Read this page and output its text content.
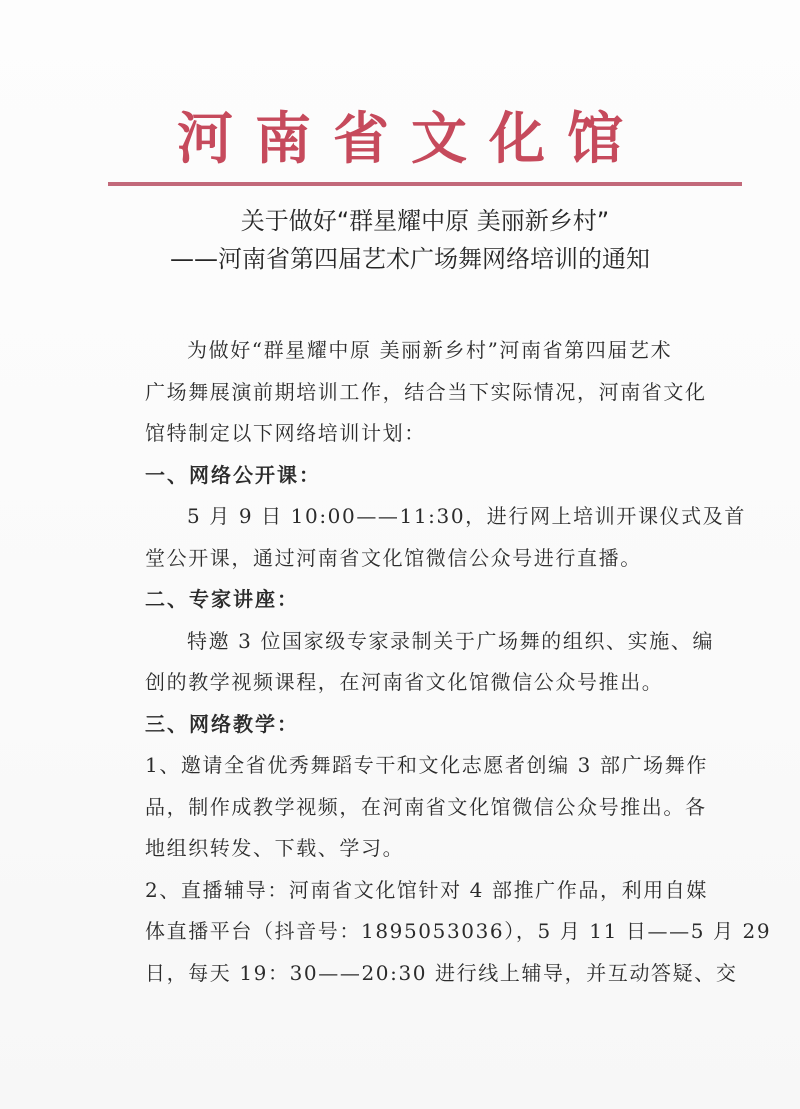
河南省文化馆
关于做好“群星耀中原 美丽新乡村”
——河南省第四届艺术广场舞网络培训的通知
为做好“群星耀中原 美丽新乡村”河南省第四届艺术
广场舞展演前期培训工作，结合当下实际情况，河南省文化
馆特制定以下网络培训计划：
一、网络公开课：
5 月 9 日 10:00——11:30，进行网上培训开课仪式及首
堂公开课，通过河南省文化馆微信公众号进行直播。
二、专家讲座：
特邀 3 位国家级专家录制关于广场舞的组织、实施、编
创的教学视频课程，在河南省文化馆微信公众号推出。
三、网络教学：
1、邀请全省优秀舞蹈专干和文化志愿者创编 3 部广场舞作
品，制作成教学视频，在河南省文化馆微信公众号推出。各
地组织转发、下载、学习。
2、直播辅导：河南省文化馆针对 4 部推广作品，利用自媒
体直播平台（抖音号：1895053036），5 月 11 日——5 月 29
日，每天 19：30——20:30 进行线上辅导，并互动答疑、交
